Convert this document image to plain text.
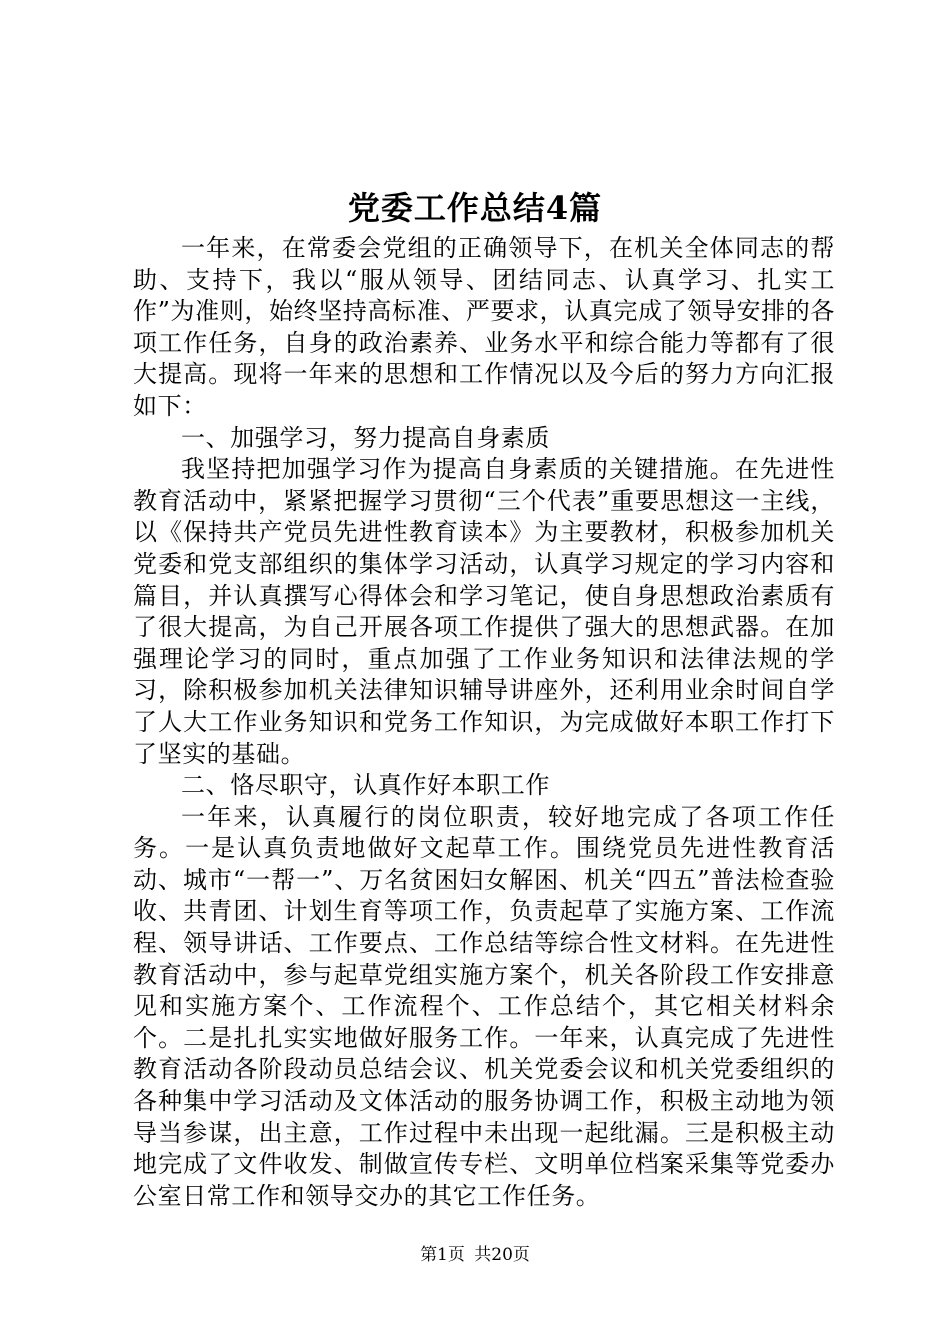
党委工作总结4篇

一年来，在常委会党组的正确领导下，在机关全体同志的帮助、支持下，我以“服从领导、团结同志、认真学习、扎实工作”为准则，始终坚持高标准、严要求，认真完成了领导安排的各项工作任务，自身的政治素养、业务水平和综合能力等都有了很大提高。现将一年来的思想和工作情况以及今后的努力方向汇报如下：

一、加强学习，努力提高自身素质

我坚持把加强学习作为提高自身素质的关键措施。在先进性教育活动中，紧紧把握学习贯彻“三个代表”重要思想这一主线，以《保持共产党员先进性教育读本》为主要教材，积极参加机关党委和党支部组织的集体学习活动，认真学习规定的学习内容和篇目，并认真撰写心得体会和学习笔记，使自身思想政治素质有了很大提高，为自己开展各项工作提供了强大的思想武器。在加强理论学习的同时，重点加强了工作业务知识和法律法规的学习，除积极参加机关法律知识辅导讲座外，还利用业余时间自学了人大工作业务知识和党务工作知识，为完成做好本职工作打下了坚实的基础。

二、恪尽职守，认真作好本职工作

一年来，认真履行的岗位职责，较好地完成了各项工作任务。一是认真负责地做好文起草工作。围绕党员先进性教育活动、城市“一帮一”、万名贫困妇女解困、机关“四五”普法检查验收、共青团、计划生育等项工作，负责起草了实施方案、工作流程、领导讲话、工作要点、工作总结等综合性文材料。在先进性教育活动中，参与起草党组实施方案个，机关各阶段工作安排意见和实施方案个、工作流程个、工作总结个，其它相关材料余个。二是扎扎实实地做好服务工作。一年来，认真完成了先进性教育活动各阶段动员总结会议、机关党委会议和机关党委组织的各种集中学习活动及文体活动的服务协调工作，积极主动地为领导当参谋，出主意，工作过程中未出现一起纰漏。三是积极主动地完成了文件收发、制做宣传专栏、文明单位档案采集等党委办公室日常工作和领导交办的其它工作任务。

第1页 共20页
